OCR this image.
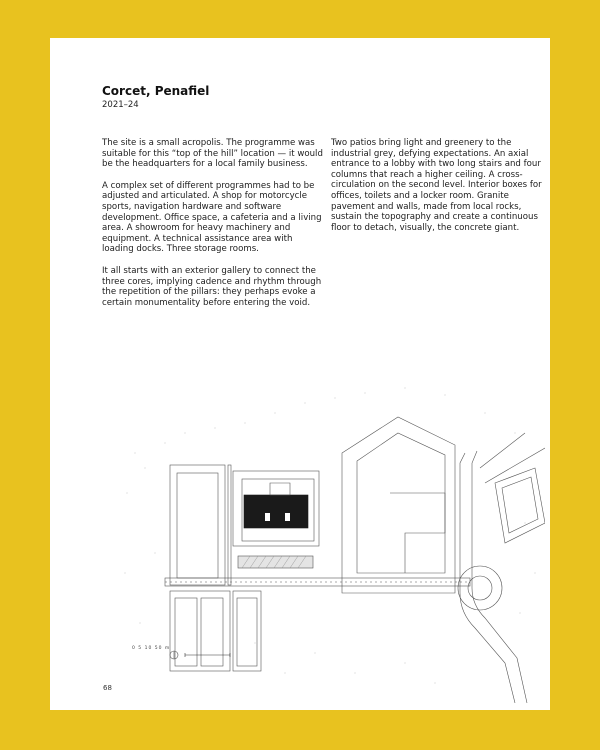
Corcet, Penafiel
2021–24

The site is a small acropolis. The programme was suitable for this “top of the hill” location — it would be the headquarters for a local family business.

A complex set of different programmes had to be adjusted and articulated. A shop for motorcycle sports, navigation hardware and software development. Office space, a cafeteria and a living area. A showroom for heavy machinery and equipment. A technical assistance area with loading docks. Three storage rooms.

It all starts with an exterior gallery to connect the three cores, implying cadence and rhythm through the repetition of the pillars: they perhaps evoke a certain monumentality before entering the void.

Two patios bring light and greenery to the industrial grey, defying expectations. An axial entrance to a lobby with two long stairs and four columns that reach a higher ceiling. A cross-circulation on the second level. Interior boxes for offices, toilets and a locker room. Granite pavement and walls, made from local rocks, sustain the topography and create a continuous floor to detach, visually, the concrete giant.

0 5 10 50 m
68
